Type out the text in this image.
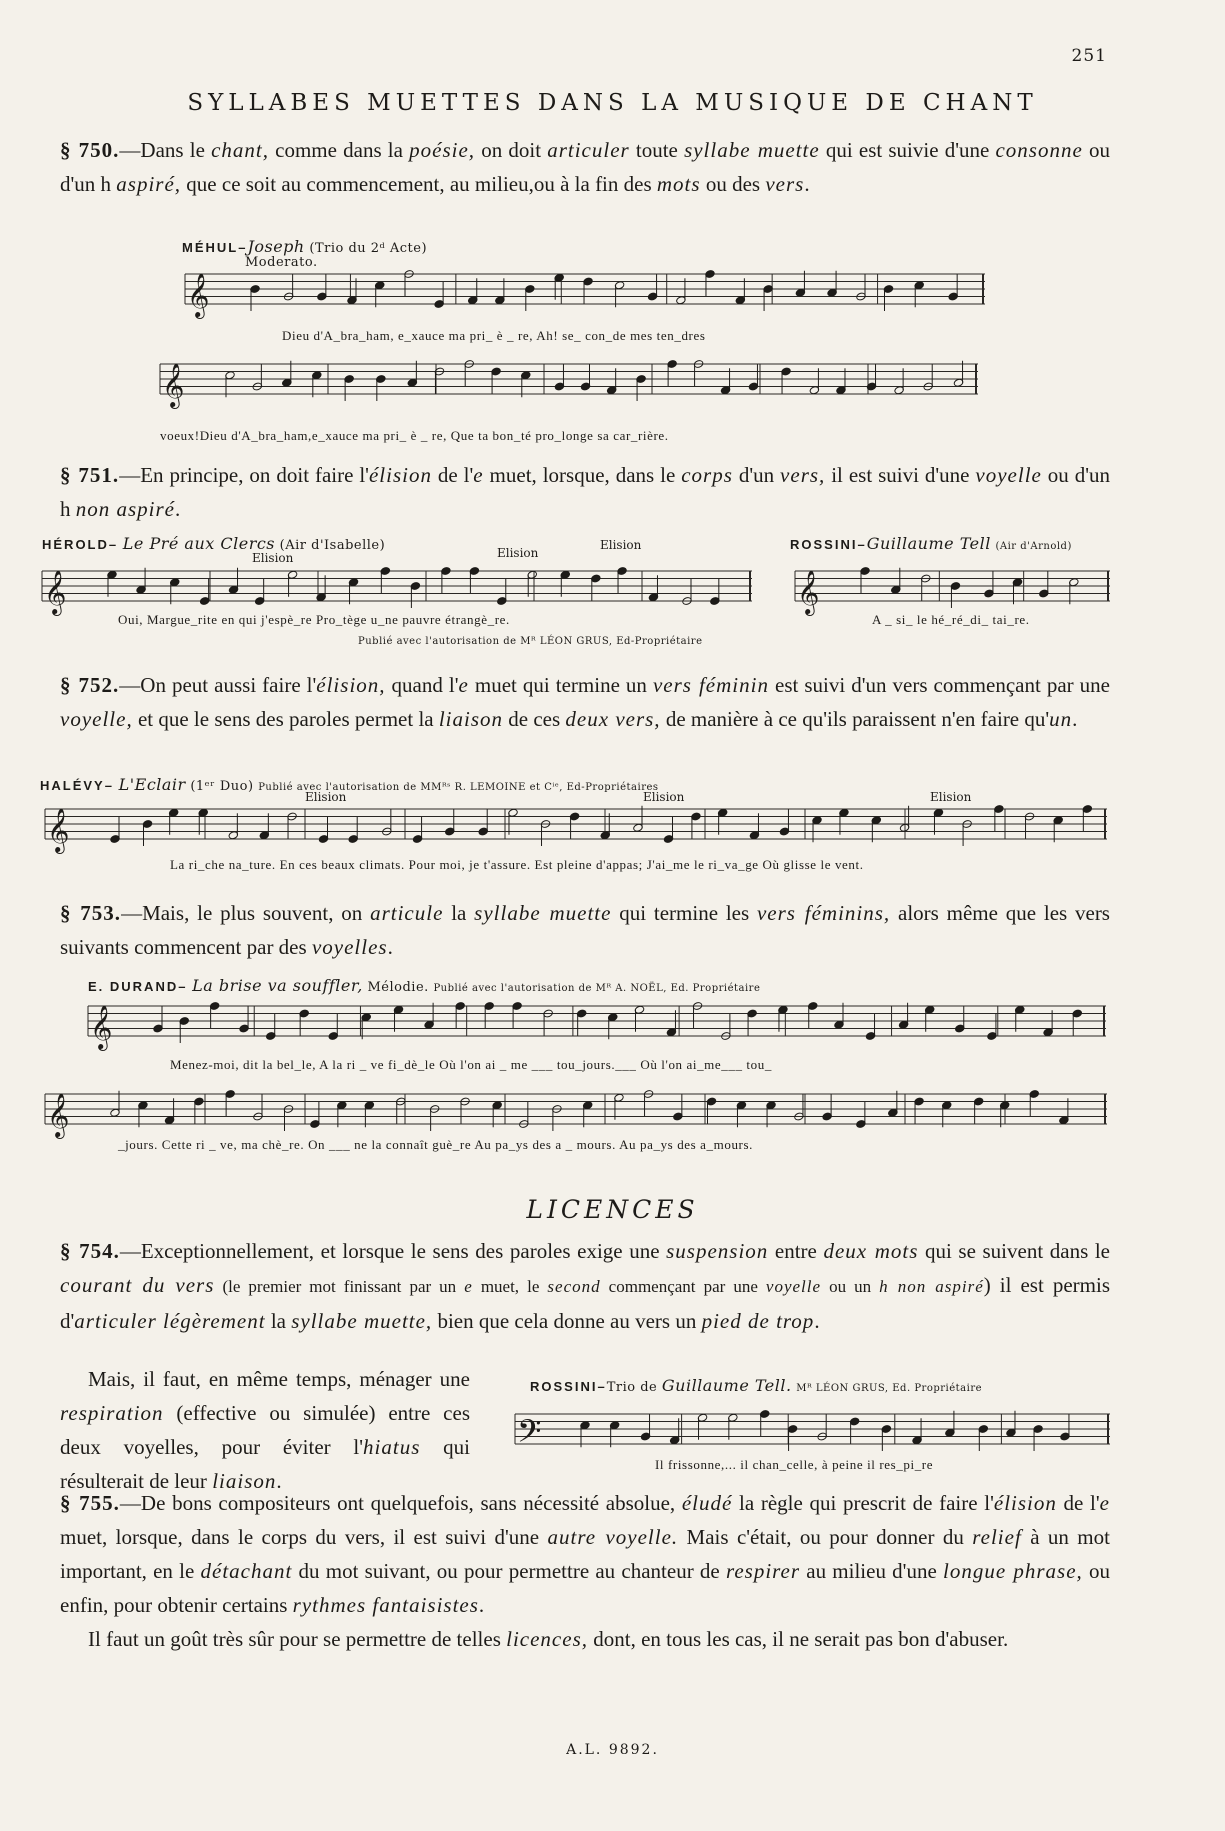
251
SYLLABES MUETTES DANS LA MUSIQUE DE CHANT
§ 750.—Dans le chant, comme dans la poésie, on doit articuler toute syllabe muette qui est suivie d'une consonne ou d'un h aspiré, que ce soit au commencement, au milieu,ou à la fin des mots ou des vers.
MÉHUL–Joseph (Trio du 2ᵈ Acte)
Moderato.
𝄞
Dieu d'A_bra_ham, e_xauce ma pri_ è _ re, Ah! se_ con_de mes ten_dres
𝄞
voeux!Dieu d'A_bra_ham,e_xauce ma pri_ è _ re, Que ta bon_té pro_longe sa car_rière.
§ 751.—En principe, on doit faire l'élision de l'e muet, lorsque, dans le corps d'un vers, il est suivi d'une voyelle ou d'un h non aspiré.
HÉROLD– Le Pré aux Clercs (Air d'Isabelle)
Elision	Elision
Elision
𝄞
Oui, Margue_rite en qui j'espè_re Pro_tège u_ne pauvre étrangè_re.
Publié avec l'autorisation de Mᴿ LÉON GRUS, Ed-Propriétaire
ROSSINI–Guillaume Tell (Air d'Arnold)
𝄞
A _ si_ le hé_ré_di_ tai_re.
§ 752.—On peut aussi faire l'élision, quand l'e muet qui termine un vers féminin est suivi d'un vers commençant par une voyelle, et que le sens des paroles permet la liaison de ces deux vers, de manière à ce qu'ils paraissent n'en faire qu'un.
HALÉVY– L'Eclair (1ᵉʳ Duo) Publié avec l'autorisation de MMᴿˢ R. LEMOINE et Cⁱᵉ, Ed-Propriétaires
Elision	Elision	Elision
𝄞
La ri_che na_ture. En ces beaux climats. Pour moi, je t'assure. Est pleine d'appas; J'ai_me le ri_va_ge Où glisse le vent.
§ 753.—Mais, le plus souvent, on articule la syllabe muette qui termine les vers féminins, alors même que les vers suivants commencent par des voyelles.
E. DURAND– La brise va souffler, Mélodie. Publié avec l'autorisation de Mᴿ A. NOËL, Ed. Propriétaire
𝄞
Menez-moi, dit la bel_le, A la ri _ ve fi_dè_le Où l'on ai _ me ___ tou_jours.___ Où l'on ai_me___ tou_
𝄞
_jours. Cette ri _ ve, ma chè_re. On ___ ne la connaît guè_re Au pa_ys des a _ mours. Au pa_ys des a_mours.
LICENCES
§ 754.—Exceptionnellement, et lorsque le sens des paroles exige une suspension entre deux mots qui se suivent dans le courant du vers (le premier mot finissant par un e muet, le second commençant par une voyelle ou un h non aspiré) il est permis d'articuler légèrement la syllabe muette, bien que cela donne au vers un pied de trop.
Mais, il faut, en même temps, ménager une respiration (effective ou simulée) entre ces deux voyelles, pour éviter l'hiatus qui résulterait de leur liaison.
ROSSINI–Trio de Guillaume Tell. Mᴿ LÉON GRUS, Ed. Propriétaire
𝄢
Il frissonne,... il chan_celle, à peine il res_pi_re
§ 755.—De bons compositeurs ont quelquefois, sans nécessité absolue, éludé la règle qui prescrit de faire l'élision de l'e muet, lorsque, dans le corps du vers, il est suivi d'une autre voyelle. Mais c'était, ou pour donner du relief à un mot important, en le détachant du mot suivant, ou pour permettre au chanteur de respirer au milieu d'une longue phrase, ou enfin, pour obtenir certains rythmes fantaisistes.
Il faut un goût très sûr pour se permettre de telles licences, dont, en tous les cas, il ne serait pas bon d'abuser.
A.L. 9892.
